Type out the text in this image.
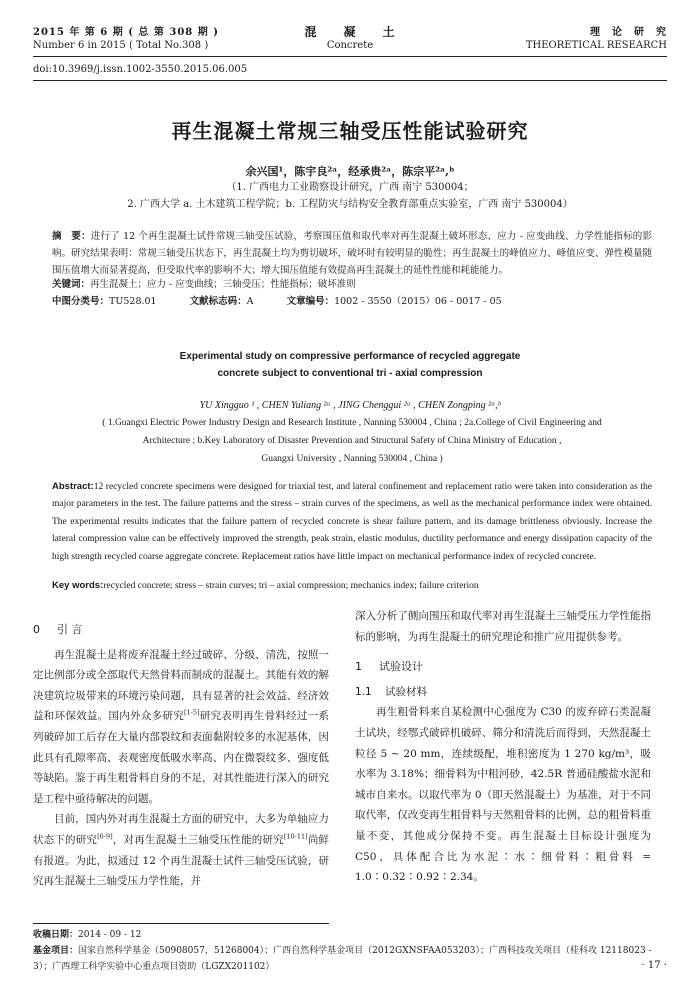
2015 年 第 6 期 ( 总 第 308 期 )
Number 6 in 2015 ( Total No.308 )
混　　凝　　土
Concrete
理　论　研　究
THEORETICAL RESEARCH
doi:10.3969/j.issn.1002-3550.2015.06.005
再生混凝土常规三轴受压性能试验研究
余兴国¹，陈宇良²ᵃ，经承贵²ᵃ，陈宗平²ᵃ,ᵇ
（1. 广西电力工业勘察设计研究，广西 南宁 530004；
2. 广西大学 a. 土木建筑工程学院；b. 工程防灾与结构安全教育部重点实验室，广西 南宁 530004）
摘　要：进行了 12 个再生混凝土试件常规三轴受压试验，考察围压值和取代率对再生混凝土破坏形态、应力 - 应变曲线、力学性能指标的影响。研究结果表明：常规三轴受压状态下，再生混凝土均为剪切破坏，破坏时有较明显的脆性；再生混凝土的峰值应力、峰值应变、弹性模量随围压值增大而显著提高，但受取代率的影响不大；增大围压值能有效提高再生混凝土的延性性能和耗能能力。
关键词：再生混凝土；应力 - 应变曲线；三轴受压；性能指标；破坏准则
中图分类号：TU528.01	文献标志码：A	文章编号：1002 - 3550（2015）06 - 0017 - 05
Experimental study on compressive performance of recycled aggregate
concrete subject to conventional tri - axial compression
YU Xingguo ¹ , CHEN Yuliang ²ᵃ , JING Chenggui ²ᵃ , CHEN Zongping ²ᵃ,ᵇ
( 1.Guangxi Electric Power Industry Design and Research Institute , Nanning 530004 , China ; 2a.College of Civil Engineering and
Architecture ; b.Key Laboratory of Disaster Prevention and Structural Safety of China Ministry of Education ,
Guangxi University , Nanning 530004 , China )
Abstract:12 recycled concrete specimens were designed for triaxial test, and lateral confinement and replacement ratio were taken into consideration as the major parameters in the test. The failure patterns and the stress – strain curves of the specimens, as well as the mechanical performance index were obtained. The experimental results indicates that the failure pattern of recycled concrete is shear failure pattern, and its damage brittleness obviously. Increase the lateral compression value can be effectively improved the strength, peak strain, elastic modulus, ductility performance and energy dissipation capacity of the high strength recycled coarse aggregate concrete. Replacement ratios have little impact on mechanical performance index of recycled concrete.
Key words:recycled concrete; stress – strain curves; tri – axial compression; mechanics index; failure criterion
0 引 言

再生混凝土是将废弃混凝土经过破碎、分级、清洗，按照一定比例部分或全部取代天然骨料而制成的混凝土。其能有效的解决建筑垃圾带来的环境污染问题，具有显著的社会效益、经济效益和环保效益。国内外众多研究[1-5]研究表明再生骨料经过一系列破碎加工后存在大量内部裂纹和表面黏附较多的水泥基体，因此具有孔隙率高、表观密度低吸水率高、内在微裂纹多、强度低等缺陷。鉴于再生粗骨料自身的不足，对其性能进行深入的研究是工程中亟待解决的问题。

目前，国内外对再生混凝土方面的研究中，大多为单轴应力状态下的研究[6-9]，对再生混凝土三轴受压性能的研究[10-11]尚鲜有报道。为此，拟通过 12 个再生混凝土试件三轴受压试验，研究再生混凝土三轴受压力学性能，并

深入分析了侧向围压和取代率对再生混凝土三轴受压力学性能指标的影响，为再生混凝土的研究理论和推广应用提供参考。

1 试验设计
1.1 试验材料

再生粗骨料来自某检测中心强度为 C30 的废弃碎石类混凝土试块，经鄂式破碎机破碎、筛分和清洗后而得到，天然混凝土粒径 5 ~ 20 mm，连续级配，堆积密度为 1 270 kg/m³，吸水率为 3.18%；细骨料为中粗河砂，42.5R 普通硅酸盐水泥和城市自来水。以取代率为 0（即天然混凝土）为基准，对于不同取代率，仅改变再生粗骨料与天然粗骨料的比例，总的粗骨料重量不变，其他成分保持不变。再生混凝土目标设计强度为 C50，具体配合比为水泥∶水∶细骨料∶粗骨料 = 1.0∶0.32∶0.92∶2.34。

收稿日期：2014 - 09 - 12
基金项目：国家自然科学基金（50908057，51268004）；广西自然科学基金项目（2012GXNSFAA053203）；广西科技攻关项目（桂科攻 12118023 - 3）；广西理工科学实验中心重点项目资助（LGZX201102）	· 17 ·
